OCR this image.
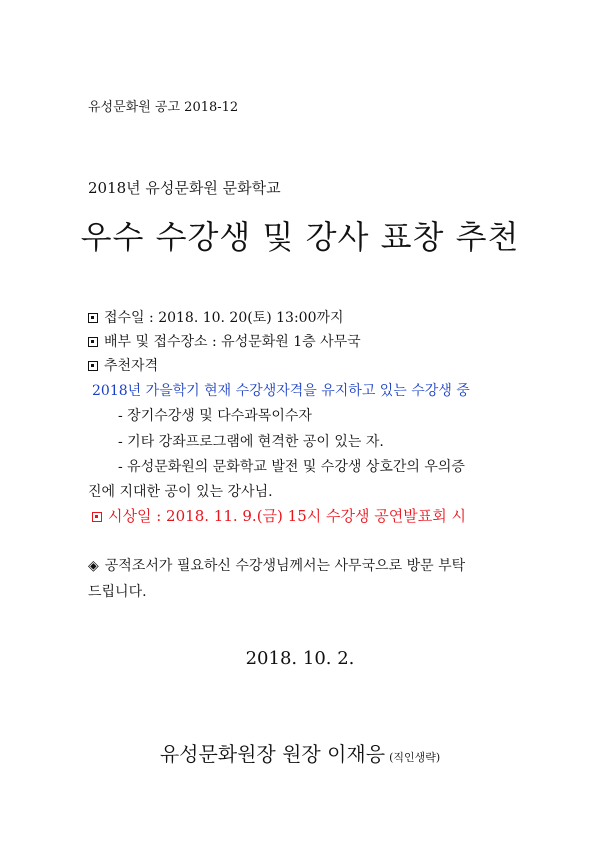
유성문화원 공고 2018-12
2018년 유성문화원 문화학교
우수 수강생 및 강사 표창 추천
접수일 : 2018. 10. 20(토) 13:00까지
배부 및 접수장소 : 유성문화원 1층 사무국
추천자격
2018년 가을학기 현재 수강생자격을 유지하고 있는 수강생 중
- 장기수강생 및 다수과목이수자
- 기타 강좌프로그램에 현격한 공이 있는 자.
- 유성문화원의 문화학교 발전 및 수강생 상호간의 우의증
진에 지대한 공이 있는 강사님.
시상일 : 2018. 11. 9.(금) 15시 수강생 공연발표회 시
◈ 공적조서가 필요하신 수강생님께서는 사무국으로 방문 부탁
드립니다.
2018. 10. 2.
유성문화원장 원장 이재응 (직인생략)
